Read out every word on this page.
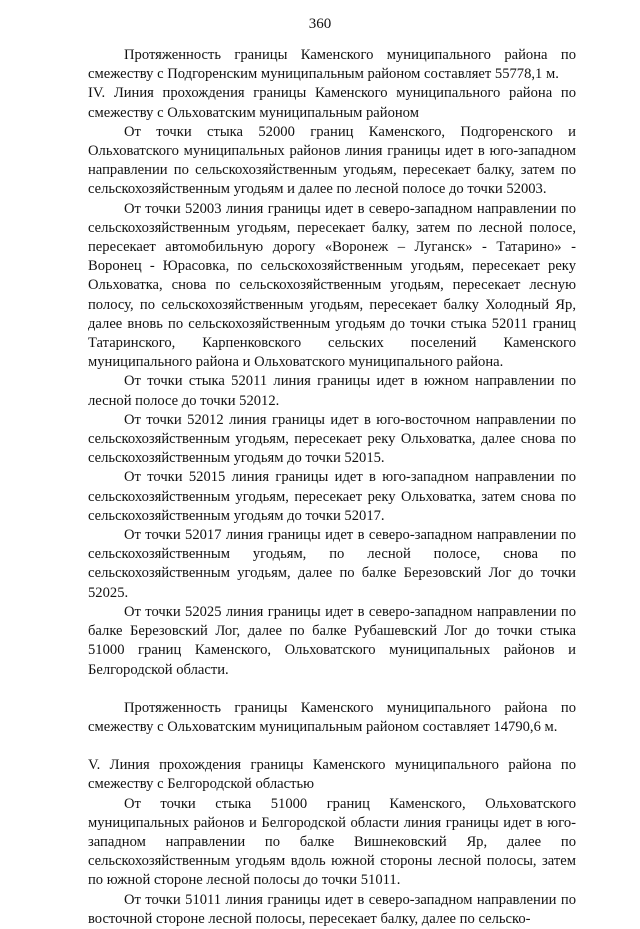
360

Протяженность границы Каменского муниципального района по смежеству с Подгоренским муниципальным районом составляет 55778,1 м.

IV. Линия прохождения границы Каменского муниципального района по смежеству с Ольховатским муниципальным районом

От точки стыка 52000 границ Каменского, Подгоренского и Ольховатского муниципальных районов линия границы идет в юго-западном направлении по сельскохозяйственным угодьям, пересекает балку, затем по сельскохозяйственным угодьям и далее по лесной полосе до точки 52003.

От точки 52003 линия границы идет в северо-западном направлении по сельскохозяйственным угодьям, пересекает балку, затем по лесной полосе, пересекает автомобильную дорогу «Воронеж – Луганск» - Татарино» - Воронец - Юрасовка, по сельскохозяйственным угодьям, пересекает реку Ольховатка, снова по сельскохозяйственным угодьям, пересекает лесную полосу, по сельскохозяйственным угодьям, пересекает балку Холодный Яр, далее вновь по сельскохозяйственным угодьям до точки стыка 52011 границ Татаринского, Карпенковского сельских поселений Каменского муниципального района и Ольховатского муниципального района.

От точки стыка 52011 линия границы идет в южном направлении по лесной полосе до точки 52012.

От точки 52012 линия границы идет в юго-восточном направлении по сельскохозяйственным угодьям, пересекает реку Ольховатка, далее снова по сельскохозяйственным угодьям до точки 52015.

От точки 52015 линия границы идет в юго-западном направлении по сельскохозяйственным угодьям, пересекает реку Ольховатка, затем снова по сельскохозяйственным угодьям до точки 52017.

От точки 52017 линия границы идет в северо-западном направлении по сельскохозяйственным угодьям, по лесной полосе, снова по сельскохозяйственным угодьям, далее по балке Березовский Лог до точки 52025.

От точки 52025 линия границы идет в северо-западном направлении по балке Березовский Лог, далее по балке Рубашевский Лог до точки стыка 51000 границ Каменского, Ольховатского муниципальных районов и Белгородской области.

Протяженность границы Каменского муниципального района по смежеству с Ольховатским муниципальным районом составляет 14790,6 м.

V. Линия прохождения границы Каменского муниципального района по смежеству с Белгородской областью

От точки стыка 51000 границ Каменского, Ольховатского муниципальных районов и Белгородской области линия границы идет в юго-западном направлении по балке Вишнековский Яр, далее по сельскохозяйственным угодьям вдоль южной стороны лесной полосы, затем по южной стороне лесной полосы до точки 51011.

От точки 51011 линия границы идет в северо-западном направлении по восточной стороне лесной полосы, пересекает балку, далее по сельско-
